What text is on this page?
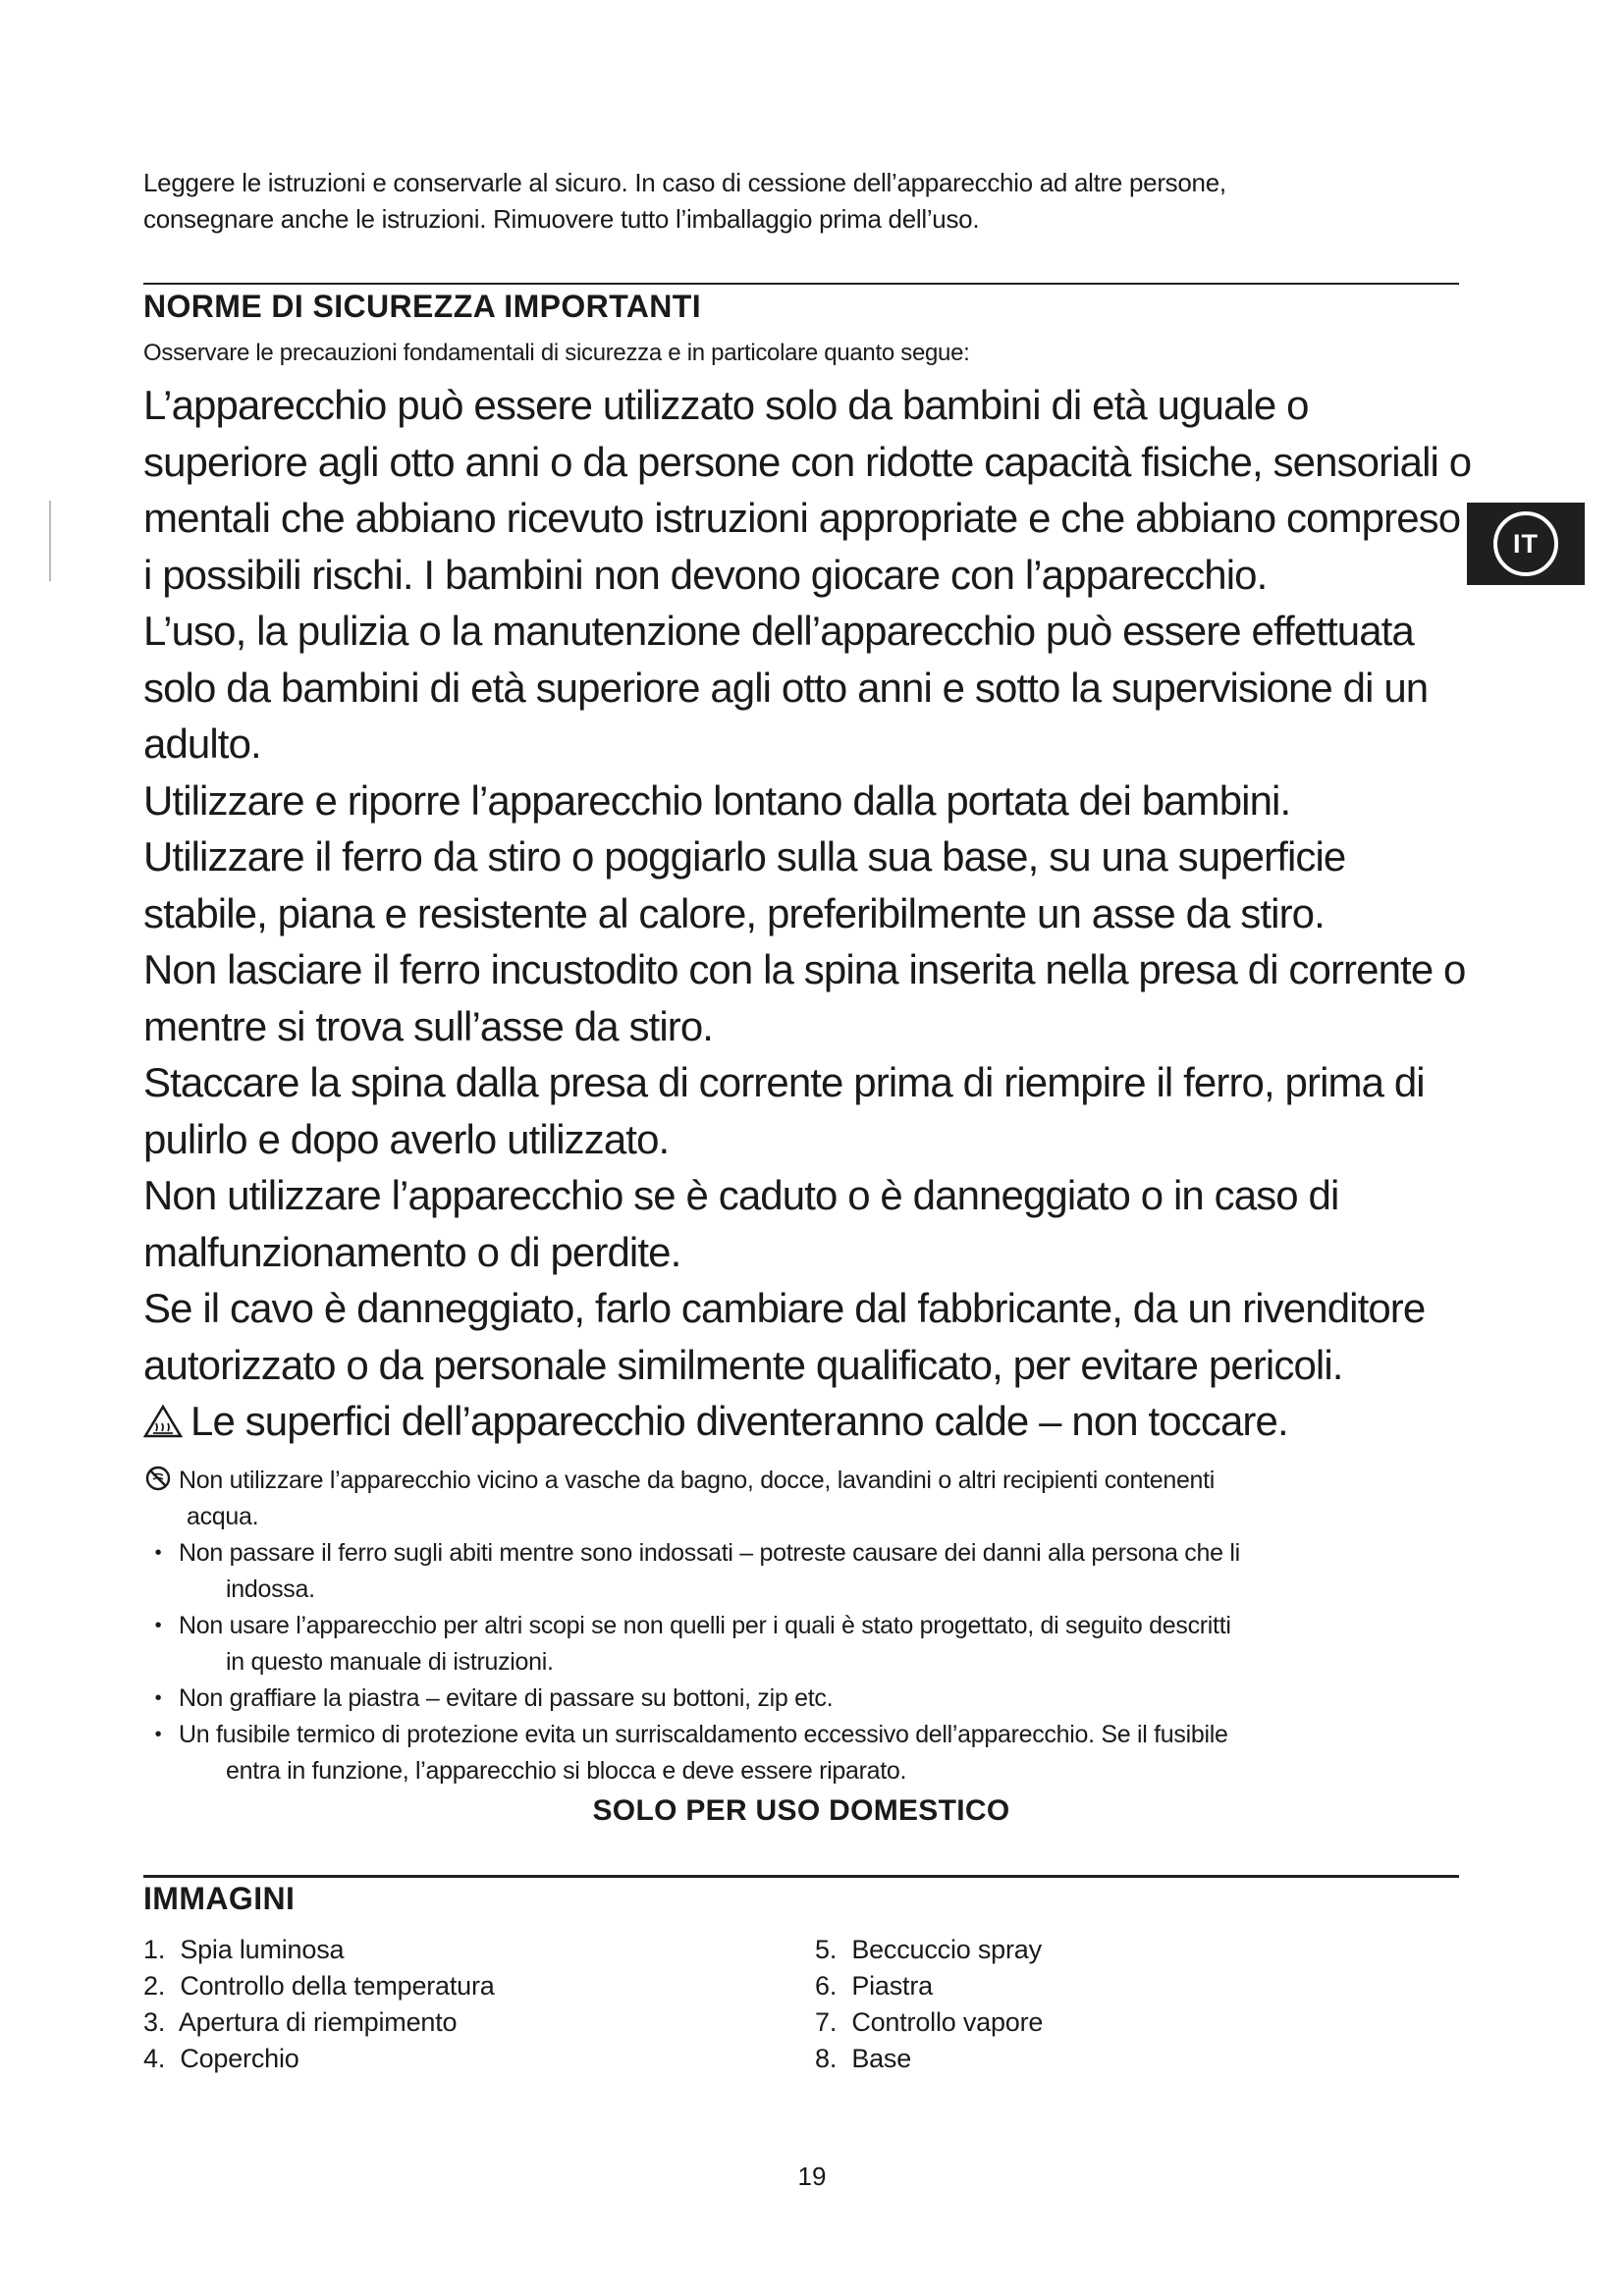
Leggere le istruzioni e conservarle al sicuro. In caso di cessione dell’apparecchio ad altre persone,
consegnare anche le istruzioni. Rimuovere tutto l’imballaggio prima dell’uso.
NORME DI SICUREZZA IMPORTANTI
Osservare le precauzioni fondamentali di sicurezza e in particolare quanto segue:

L’apparecchio può essere utilizzato solo da bambini di età uguale o superiore agli otto anni o da persone con ridotte capacità fisiche, sensoriali o mentali che abbiano ricevuto istruzioni appropriate e che abbiano compreso i possibili rischi. I bambini non devono giocare con l’apparecchio.

L’uso, la pulizia o la manutenzione dell’apparecchio può essere effettuata solo da bambini di età superiore agli otto anni e sotto la supervisione di un adulto.

Utilizzare e riporre l’apparecchio lontano dalla portata dei bambini.

Utilizzare il ferro da stiro o poggiarlo sulla sua base, su una superficie stabile, piana e resistente al calore, preferibilmente un asse da stiro.

Non lasciare il ferro incustodito con la spina inserita nella presa di corrente o mentre si trova sull’asse da stiro.

Staccare la spina dalla presa di corrente prima di riempire il ferro, prima di pulirlo e dopo averlo utilizzato.

Non utilizzare l’apparecchio se è caduto o è danneggiato o in caso di malfunzionamento o di perdite.

Se il cavo è danneggiato, farlo cambiare dal fabbricante, da un rivenditore autorizzato o da personale similmente qualificato, per evitare pericoli.

Le superfici dell’apparecchio diventeranno calde – non toccare.

Non utilizzare l’apparecchio vicino a vasche da bagno, docce, lavandini o altri recipienti contenenti
acqua.
• Non passare il ferro sugli abiti mentre sono indossati – potreste causare dei danni alla persona che li
indossa.
• Non usare l’apparecchio per altri scopi se non quelli per i quali è stato progettato, di seguito descritti
in questo manuale di istruzioni.
• Non graffiare la piastra – evitare di passare su bottoni, zip etc.
• Un fusibile termico di protezione evita un surriscaldamento eccessivo dell’apparecchio. Se il fusibile
entra in funzione, l’apparecchio si blocca e deve essere riparato.
SOLO PER USO DOMESTICO
IMMAGINI
1. Spia luminosa
2. Controllo della temperatura
3. Apertura di riempimento
4. Coperchio
5. Beccuccio spray
6. Piastra
7. Controllo vapore
8. Base
IT
19
